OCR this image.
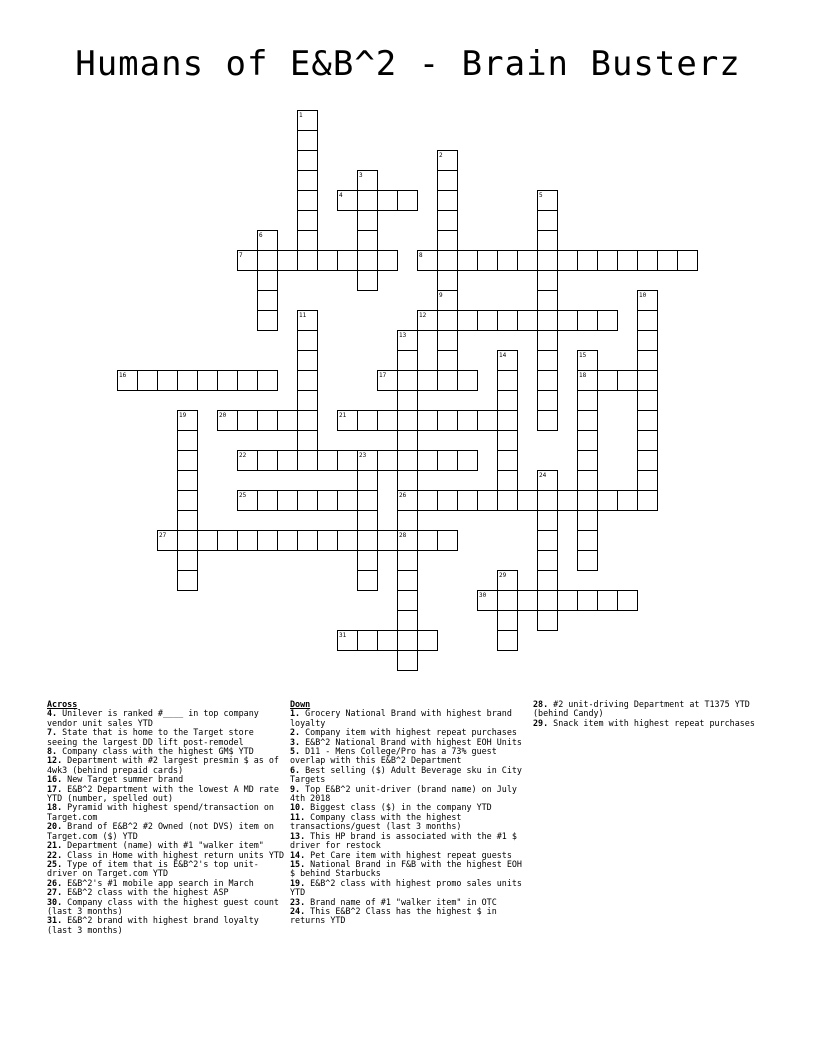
Humans of E&B^2 - Brain Busterz
1
2
3
4	5
6
7	8
9	10
11	12
13
14	15
16	17	18
19	20	21
22	23
24
25	26
27	28
29
30
31
Across
4. Unilever is ranked #____ in top company vendor unit sales YTD
7. State that is home to the Target store seeing the largest DD lift post-remodel
8. Company class with the highest GM$ YTD
12. Department with #2 largest presmin $ as of 4wk3 (behind prepaid cards)
16. New Target summer brand
17. E&B^2 Department with the lowest A MD rate YTD (number, spelled out)
18. Pyramid with highest spend/transaction on Target.com
20. Brand of E&B^2 #2 Owned (not DVS) item on Target.com ($) YTD
21. Department (name) with #1 "walker item"
22. Class in Home with highest return units YTD
25. Type of item that is E&B^2's top unit-driver on Target.com YTD
26. E&B^2's #1 mobile app search in March
27. E&B^2 class with the highest ASP
30. Company class with the highest guest count (last 3 months)
31. E&B^2 brand with highest brand loyalty (last 3 months)
Down
1. Grocery National Brand with highest brand loyalty
2. Company item with highest repeat purchases
3. E&B^2 National Brand with highest EOH Units
5. D11 - Mens College/Pro has a 73% guest overlap with this E&B^2 Department
6. Best selling ($) Adult Beverage sku in City Targets
9. Top E&B^2 unit-driver (brand name) on July 4th 2018
10. Biggest class ($) in the company YTD
11. Company class with the highest transactions/guest (last 3 months)
13. This HP brand is associated with the #1 $ driver for restock
14. Pet Care item with highest repeat guests
15. National Brand in F&B with the highest EOH $ behind Starbucks
19. E&B^2 class with highest promo sales units YTD
23. Brand name of #1 "walker item" in OTC
24. This E&B^2 Class has the highest $ in returns YTD
28. #2 unit-driving Department at T1375 YTD (behind Candy)
29. Snack item with highest repeat purchases
